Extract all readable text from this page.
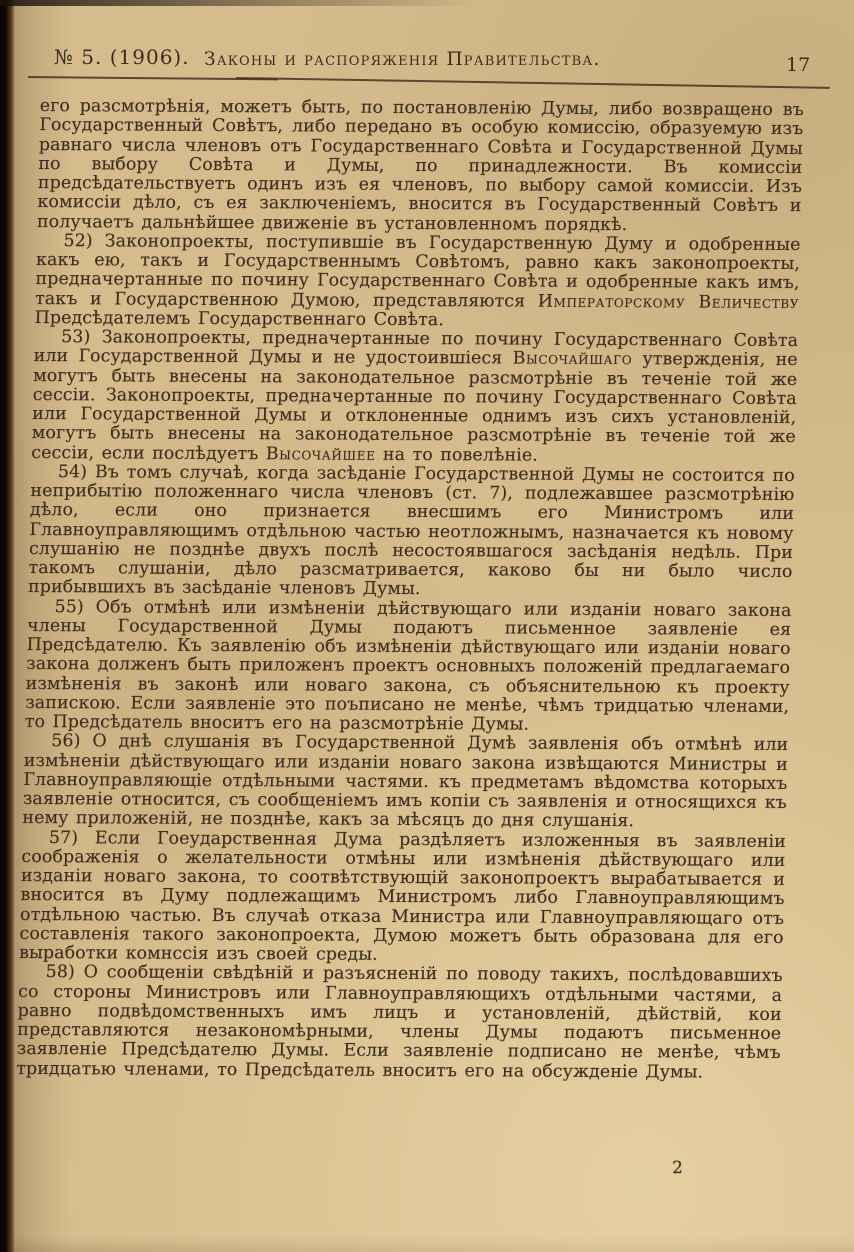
№ 5. (1906). Законы и распоряженія Правительства.	17

его разсмотрѣнія, можетъ быть, по постановленію Думы, либо возвращено въ Государственный Совѣтъ, либо передано въ особую комиссію, образуемую изъ равнаго числа членовъ отъ Государственнаго Совѣта и Государственной Думы по выбору Совѣта и Думы, по принадлежности. Въ комиссіи предсѣдательствуетъ одинъ изъ ея членовъ, по выбору самой комиссіи. Изъ комиссіи дѣло, съ ея заключеніемъ, вносится въ Государственный Совѣтъ и получаетъ дальнѣйшее движеніе въ установленномъ порядкѣ.

52) Законопроекты, поступившіе въ Государственную Думу и одобренные какъ ею, такъ и Государственнымъ Совѣтомъ, равно какъ законопроекты, предначертанные по почину Государственнаго Совѣта и одобренные какъ имъ, такъ и Государственною Думою, представляются Императорскому Величеству Предсѣдателемъ Государственнаго Совѣта.

53) Законопроекты, предначертанные по почину Государственнаго Совѣта или Государственной Думы и не удостоившіеся Высочайшаго утвержденія, не могутъ быть внесены на законодательное разсмотрѣніе въ теченіе той же сессіи. Законопроекты, предначертанные по почину Государственнаго Совѣта или Государственной Думы и отклоненные однимъ изъ сихъ установленій, могутъ быть внесены на законодательное разсмотрѣніе въ теченіе той же сессіи, если послѣдуетъ Высочайшее на то повелѣніе.

54) Въ томъ случаѣ, когда засѣданіе Государственной Думы не состоится по неприбытію положеннаго числа членовъ (ст. 7), подлежавшее разсмотрѣнію дѣло, если оно признается внесшимъ его Министромъ или Главноуправляющимъ отдѣльною частью неотложнымъ, назначается къ новому слушанію не позднѣе двухъ послѣ несостоявшагося засѣданія недѣль. При такомъ слушаніи, дѣло разсматривается, каково бы ни было число прибывшихъ въ засѣданіе членовъ Думы.

55) Объ отмѣнѣ или измѣненіи дѣйствующаго или изданіи новаго закона члены Государственной Думы подаютъ письменное заявленіе ея Предсѣдателю. Къ заявленію объ измѣненіи дѣйствующаго или изданіи новаго закона долженъ быть приложенъ проектъ основныхъ положеній предлагаемаго измѣненія въ законѣ или новаго закона, съ объяснительною къ проекту запискою. Если заявленіе это поъписано не менѣе, чѣмъ тридцатью членами, то Предсѣдатель вноситъ его на разсмотрѣніе Думы.

56) О днѣ слушанія въ Государственной Думѣ заявленія объ отмѣнѣ или измѣненіи дѣйствующаго или изданіи новаго закона извѣщаются Министры и Главноуправляющіе отдѣльными частями. къ предметамъ вѣдомства которыхъ заявленіе относится, съ сообщеніемъ имъ копіи съ заявленія и относящихся къ нему приложеній, не позднѣе, какъ за мѣсяцъ до дня слушанія.

57) Если Гоеударственная Дума раздѣляетъ изложенныя въ заявленіи соображенія о желательности отмѣны или измѣненія дѣйствующаго или изданіи новаго закона, то соотвѣтствующій законопроектъ вырабатывается и вносится въ Думу подлежащимъ Министромъ либо Главноуправляющимъ отдѣльною частью. Въ случаѣ отказа Министра или Главноуправляющаго отъ составленія такого законопроекта, Думою можетъ быть образована для его выработки комнссія изъ своей среды.

58) О сообщеніи свѣдѣній и разъясненій по поводу такихъ, послѣдовавшихъ со стороны Министровъ или Главноуправляющихъ отдѣльными частями, а равно подвѣдомственныхъ имъ лицъ и установленій, дѣйствій, кои представляются незакономѣрными, члены Думы подаютъ письменное заявленіе Предсѣдателю Думы. Если заявленіе подписано не менѣе, чѣмъ тридцатью членами, то Предсѣдатель вноситъ его на обсужденіе Думы.

2
